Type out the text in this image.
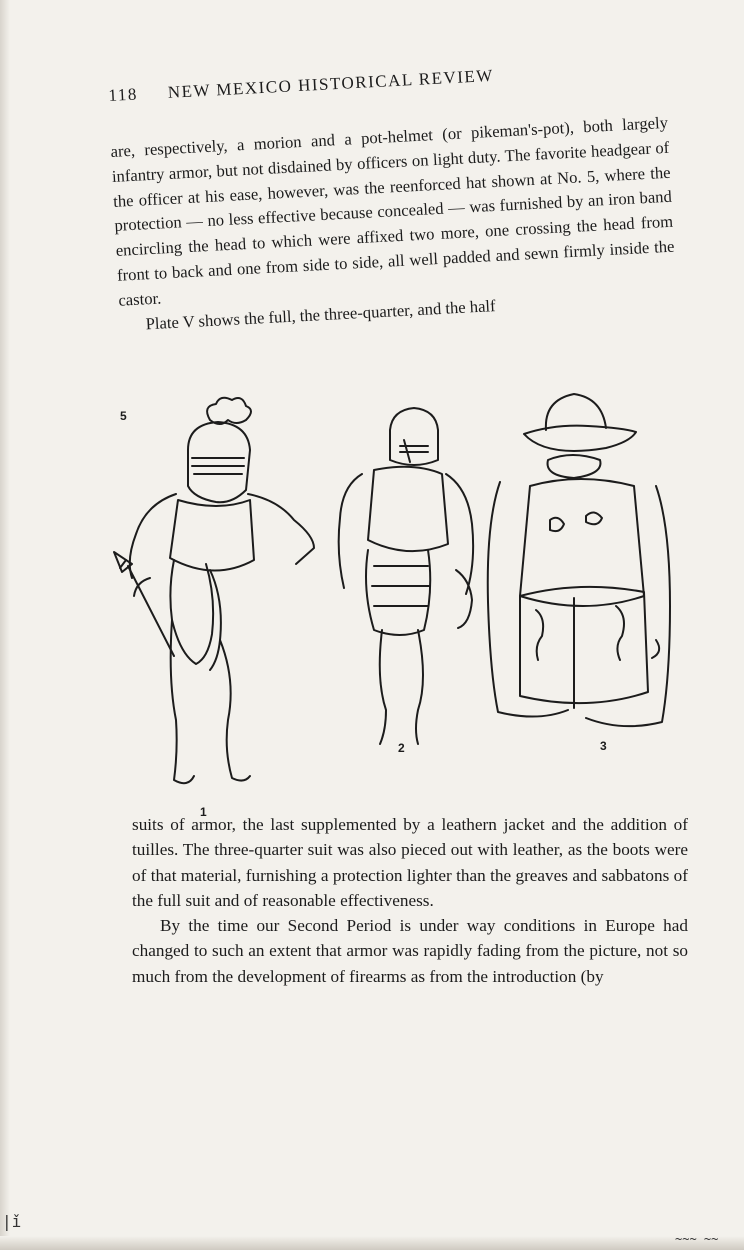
118 NEW MEXICO HISTORICAL REVIEW

are, respectively, a morion and a pot-helmet (or pikeman's-pot), both largely infantry armor, but not disdained by officers on light duty. The favorite headgear of the officer at his ease, however, was the reenforced hat shown at No. 5, where the protection — no less effective because concealed — was furnished by an iron band encircling the head to which were affixed two more, one crossing the head from front to back and one from side to side, all well padded and sewn firmly inside the castor.

Plate V shows the full, the three-quarter, and the half

5
1
2	3

suits of armor, the last supplemented by a leathern jacket and the addition of tuilles. The three-quarter suit was also pieced out with leather, as the boots were of that material, furnishing a protection lighter than the greaves and sabbatons of the full suit and of reasonable effectiveness.

By the time our Second Period is under way conditions in Europe had changed to such an extent that armor was rapidly fading from the picture, not so much from the development of firearms as from the introduction (by

|ǐ
~~~ ~~
